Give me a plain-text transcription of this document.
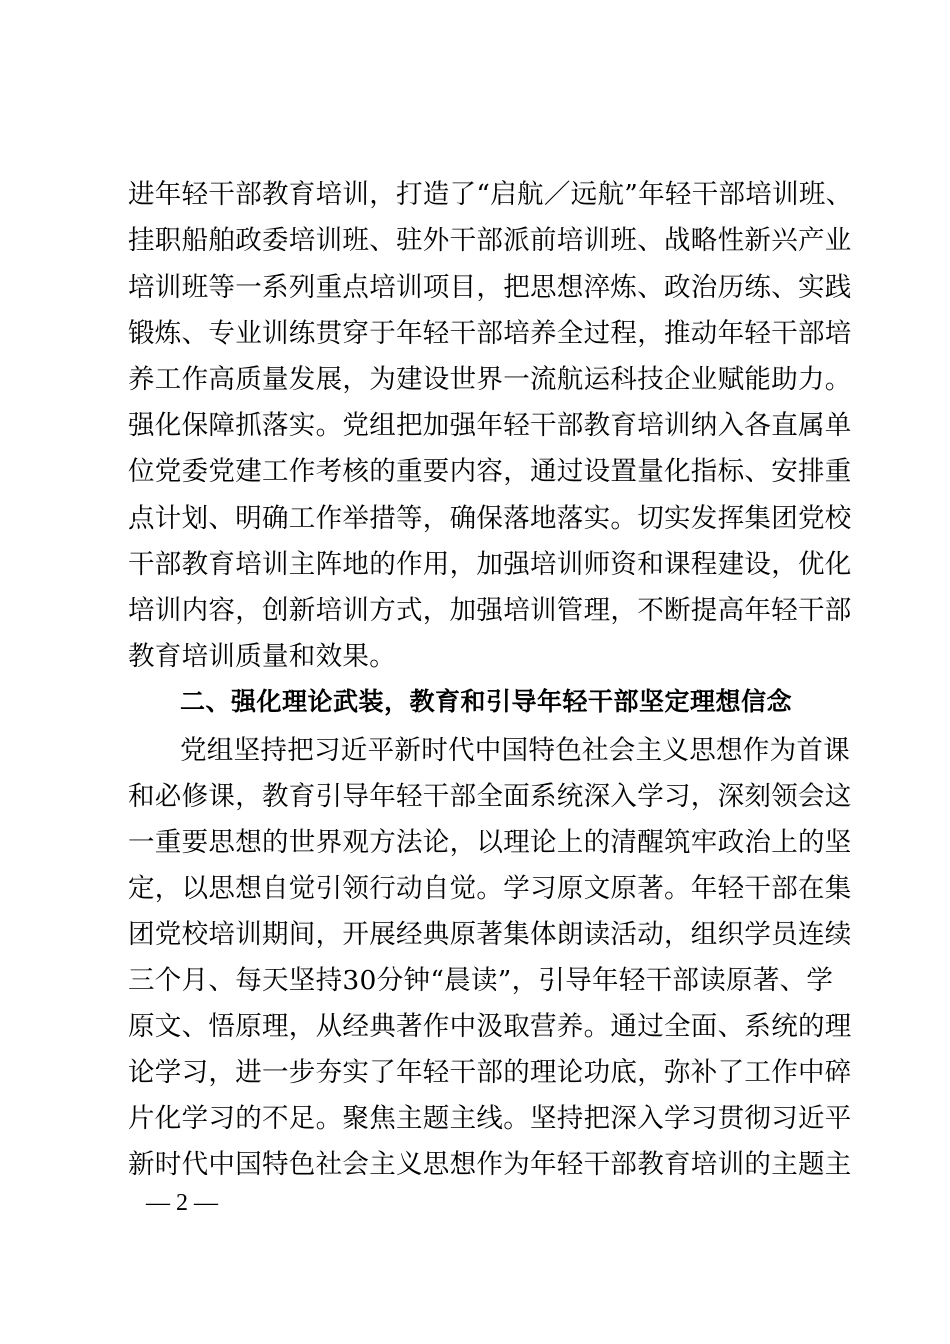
进年轻干部教育培训，打造了“启航／远航”年轻干部培训班、
挂职船舶政委培训班、驻外干部派前培训班、战略性新兴产业
培训班等一系列重点培训项目，把思想淬炼、政治历练、实践
锻炼、专业训练贯穿于年轻干部培养全过程，推动年轻干部培
养工作高质量发展，为建设世界一流航运科技企业赋能助力。
强化保障抓落实。党组把加强年轻干部教育培训纳入各直属单
位党委党建工作考核的重要内容，通过设置量化指标、安排重
点计划、明确工作举措等，确保落地落实。切实发挥集团党校
干部教育培训主阵地的作用，加强培训师资和课程建设，优化
培训内容，创新培训方式，加强培训管理，不断提高年轻干部
教育培训质量和效果。
二、强化理论武装，教育和引导年轻干部坚定理想信念
党组坚持把习近平新时代中国特色社会主义思想作为首课
和必修课，教育引导年轻干部全面系统深入学习，深刻领会这
一重要思想的世界观方法论，以理论上的清醒筑牢政治上的坚
定，以思想自觉引领行动自觉。学习原文原著。年轻干部在集
团党校培训期间，开展经典原著集体朗读活动，组织学员连续
三个月、每天坚持30分钟“晨读”，引导年轻干部读原著、学
原文、悟原理，从经典著作中汲取营养。通过全面、系统的理
论学习，进一步夯实了年轻干部的理论功底，弥补了工作中碎
片化学习的不足。聚焦主题主线。坚持把深入学习贯彻习近平
新时代中国特色社会主义思想作为年轻干部教育培训的主题主
— 2 —
